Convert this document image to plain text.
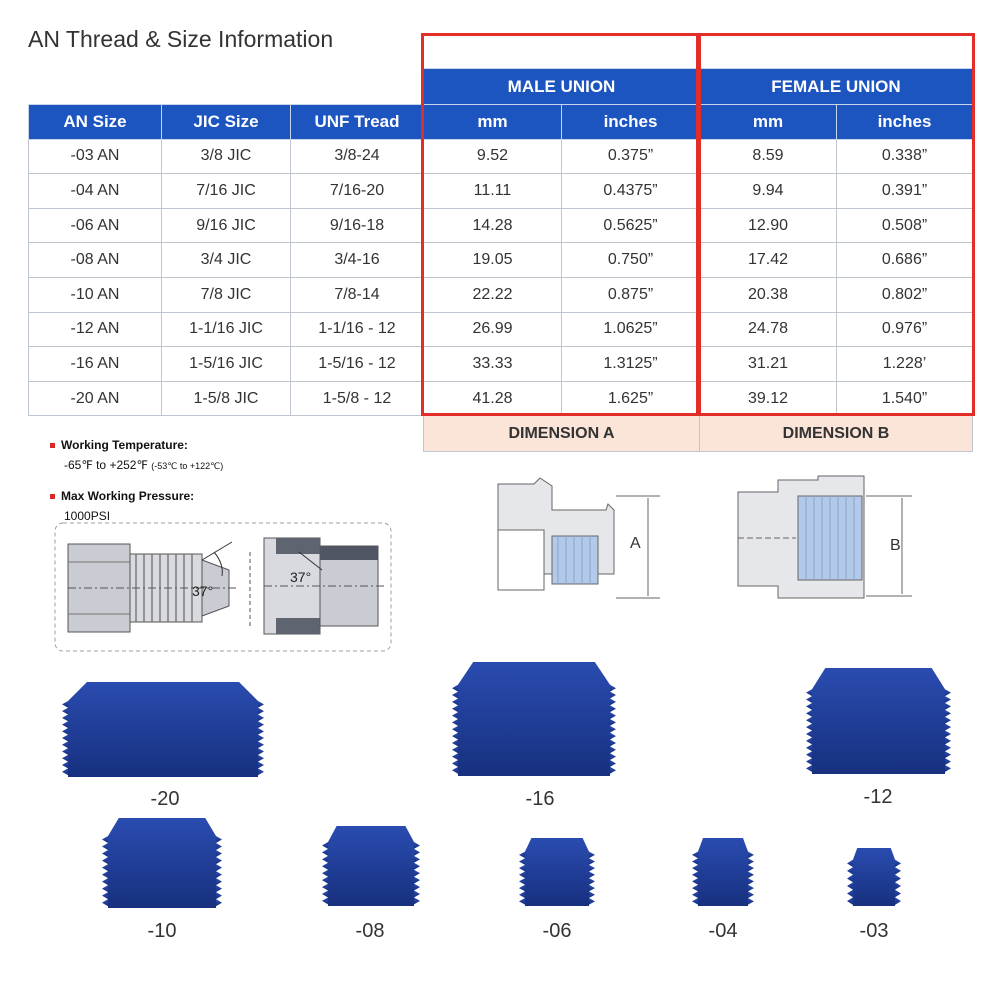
AN Thread & Size Information
			MALE UNION		FEMALE UNION	
AN Size	JIC Size	UNF Tread	mm	inches	mm	inches
-03 AN	3/8 JIC	3/8-24	9.52	0.375”	8.59	0.338”
-04 AN	7/16 JIC	7/16-20	11.11	0.4375”	9.94	0.391”
-06 AN	9/16 JIC	9/16-18	14.28	0.5625”	12.90	0.508”
-08 AN	3/4 JIC	3/4-16	19.05	0.750”	17.42	0.686”
-10 AN	7/8 JIC	7/8-14	22.22	0.875”	20.38	0.802”
-12 AN	1-1/16 JIC	1-1/16 - 12	26.99	1.0625”	24.78	0.976”
-16 AN	1-5/16 JIC	1-5/16 - 12	33.33	1.3125”	31.21	1.228’
-20 AN	1-5/8 JIC	1-5/8 - 12	41.28	1.625”	39.12	1.540”
			DIMENSION A		DIMENSION B	
Working Temperature:
-65℉ to +252℉ (-53℃ to +122℃)
Max Working Pressure:
1000PSI
37°
37°
A	B
-20	-16	-12
-10	-08	-06	-04	-03
